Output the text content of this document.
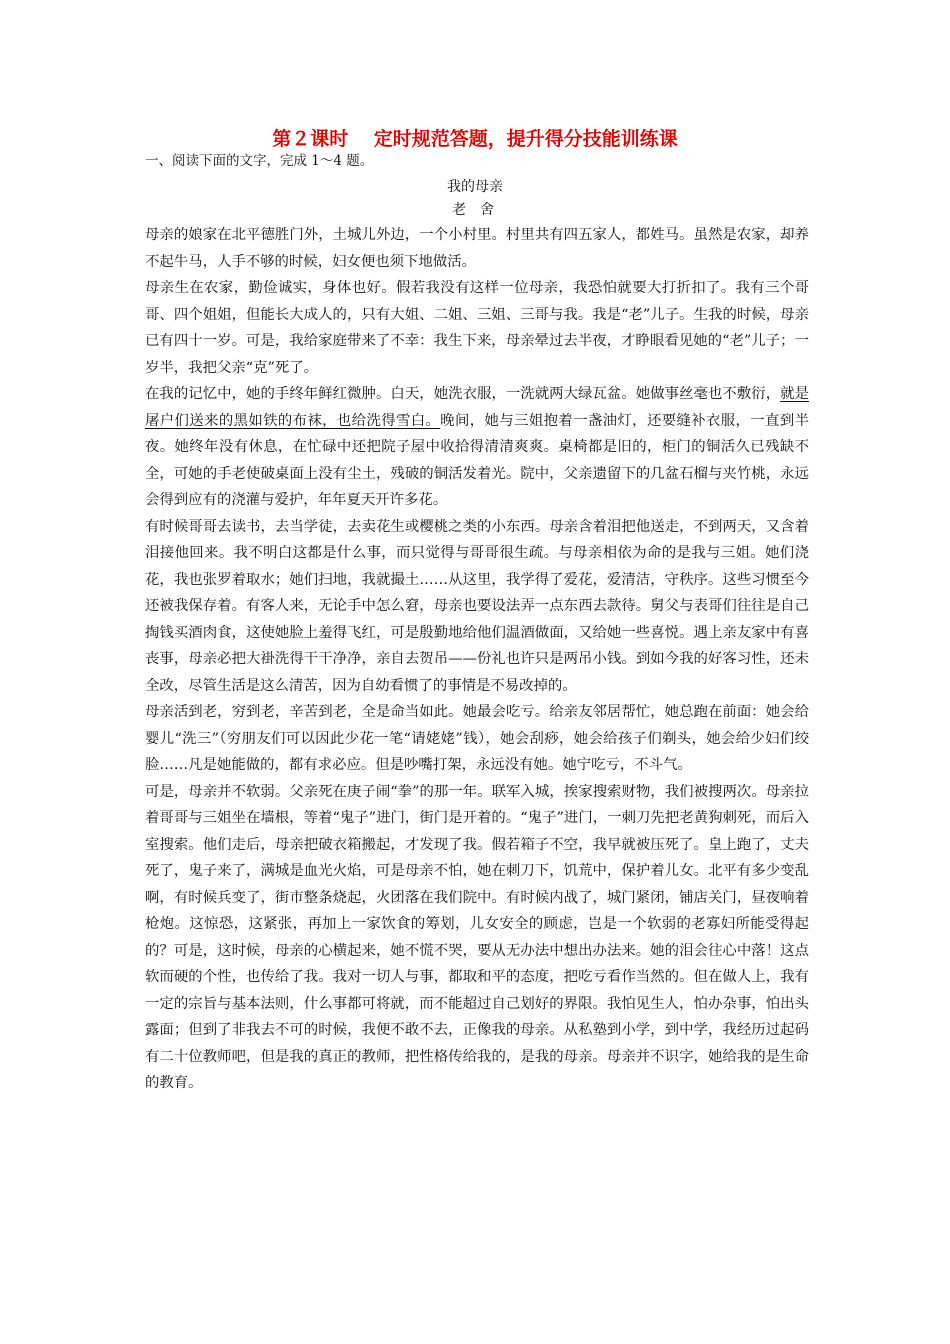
第２课时　 定时规范答题，提升得分技能训练课
一、阅读下面的文字，完成 1～4 题。
我的母亲
老舍

母亲的娘家在北平德胜门外，土城儿外边，一个小村里。村里共有四五家人，都姓马。虽然是农家，却养不起牛马，人手不够的时候，妇女便也须下地做活。

母亲生在农家，勤俭诚实，身体也好。假若我没有这样一位母亲，我恐怕就要大打折扣了。我有三个哥哥、四个姐姐，但能长大成人的，只有大姐、二姐、三姐、三哥与我。我是“老”儿子。生我的时候，母亲已有四十一岁。可是，我给家庭带来了不幸：我生下来，母亲晕过去半夜，才睁眼看见她的“老”儿子；一岁半，我把父亲“克”死了。

在我的记忆中，她的手终年鲜红微肿。白天，她洗衣服，一洗就两大绿瓦盆。她做事丝毫也不敷衍，就是屠户们送来的黑如铁的布袜，也给洗得雪白。晚间，她与三姐抱着一盏油灯，还要缝补衣服，一直到半夜。她终年没有休息，在忙碌中还把院子屋中收拾得清清爽爽。桌椅都是旧的，柜门的铜活久已残缺不全，可她的手老使破桌面上没有尘土，残破的铜活发着光。院中，父亲遗留下的几盆石榴与夹竹桃，永远会得到应有的浇灌与爱护，年年夏天开许多花。

有时候哥哥去读书，去当学徒，去卖花生或樱桃之类的小东西。母亲含着泪把他送走，不到两天，又含着泪接他回来。我不明白这都是什么事，而只觉得与哥哥很生疏。与母亲相依为命的是我与三姐。她们浇花，我也张罗着取水；她们扫地，我就撮土……从这里，我学得了爱花，爱清洁，守秩序。这些习惯至今还被我保存着。有客人来，无论手中怎么窘，母亲也要设法弄一点东西去款待。舅父与表哥们往往是自己掏钱买酒肉食，这使她脸上羞得飞红，可是殷勤地给他们温酒做面，又给她一些喜悦。遇上亲友家中有喜丧事，母亲必把大褂洗得干干净净，亲自去贺吊——份礼也许只是两吊小钱。到如今我的好客习性，还未全改，尽管生活是这么清苦，因为自幼看惯了的事情是不易改掉的。

母亲活到老，穷到老，辛苦到老，全是命当如此。她最会吃亏。给亲友邻居帮忙，她总跑在前面：她会给婴儿“洗三”（穷朋友们可以因此少花一笔“请姥姥”钱），她会刮痧，她会给孩子们剃头，她会给少妇们绞脸……凡是她能做的，都有求必应。但是吵嘴打架，永远没有她。她宁吃亏，不斗气。

可是，母亲并不软弱。父亲死在庚子闹“拳”的那一年。联军入城，挨家搜索财物，我们被搜两次。母亲拉着哥哥与三姐坐在墙根，等着“鬼子”进门，街门是开着的。“鬼子”进门，一刺刀先把老黄狗刺死，而后入室搜索。他们走后，母亲把破衣箱搬起，才发现了我。假若箱子不空，我早就被压死了。皇上跑了，丈夫死了，鬼子来了，满城是血光火焰，可是母亲不怕，她在刺刀下，饥荒中，保护着儿女。北平有多少变乱啊，有时候兵变了，街市整条烧起，火团落在我们院中。有时候内战了，城门紧闭，铺店关门，昼夜响着枪炮。这惊恐，这紧张，再加上一家饮食的筹划，儿女安全的顾虑，岂是一个软弱的老寡妇所能受得起的？可是，这时候，母亲的心横起来，她不慌不哭，要从无办法中想出办法来。她的泪会往心中落！这点软而硬的个性，也传给了我。我对一切人与事，都取和平的态度，把吃亏看作当然的。但在做人上，我有一定的宗旨与基本法则，什么事都可将就，而不能超过自己划好的界限。我怕见生人，怕办杂事，怕出头露面；但到了非我去不可的时候，我便不敢不去，正像我的母亲。从私塾到小学，到中学，我经历过起码有二十位教师吧，但是我的真正的教师，把性格传给我的，是我的母亲。母亲并不识字，她给我的是生命的教育。
